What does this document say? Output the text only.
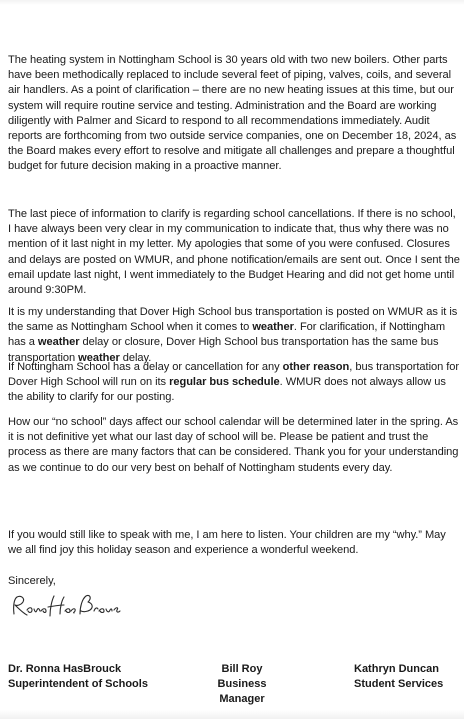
The heating system in Nottingham School is 30 years old with two new boilers. Other parts have been methodically replaced to include several feet of piping, valves, coils, and several air handlers. As a point of clarification – there are no new heating issues at this time, but our system will require routine service and testing. Administration and the Board are working diligently with Palmer and Sicard to respond to all recommendations immediately. Audit reports are forthcoming from two outside service companies, one on December 18, 2024, as the Board makes every effort to resolve and mitigate all challenges and prepare a thoughtful budget for future decision making in a proactive manner.

The last piece of information to clarify is regarding school cancellations. If there is no school, I have always been very clear in my communication to indicate that, thus why there was no mention of it last night in my letter. My apologies that some of you were confused. Closures and delays are posted on WMUR, and phone notification/emails are sent out. Once I sent the email update last night, I went immediately to the Budget Hearing and did not get home until around 9:30PM.

It is my understanding that Dover High School bus transportation is posted on WMUR as it is the same as Nottingham School when it comes to weather. For clarification, if Nottingham has a weather delay or closure, Dover High School bus transportation has the same bus transportation weather delay.

If Nottingham School has a delay or cancellation for any other reason, bus transportation for Dover High School will run on its regular bus schedule. WMUR does not always allow us the ability to clarify for our posting.

How our “no school” days affect our school calendar will be determined later in the spring. As it is not definitive yet what our last day of school will be. Please be patient and trust the process as there are many factors that can be considered. Thank you for your understanding as we continue to do our very best on behalf of Nottingham students every day.

If you would still like to speak with me, I am here to listen. Your children are my “why.” May we all find joy this holiday season and experience a wonderful weekend.

Sincerely,
Dr. Ronna HasBrouck
Superintendent of Schools
Bill Roy
Business Manager
Kathryn Duncan
Student Services
